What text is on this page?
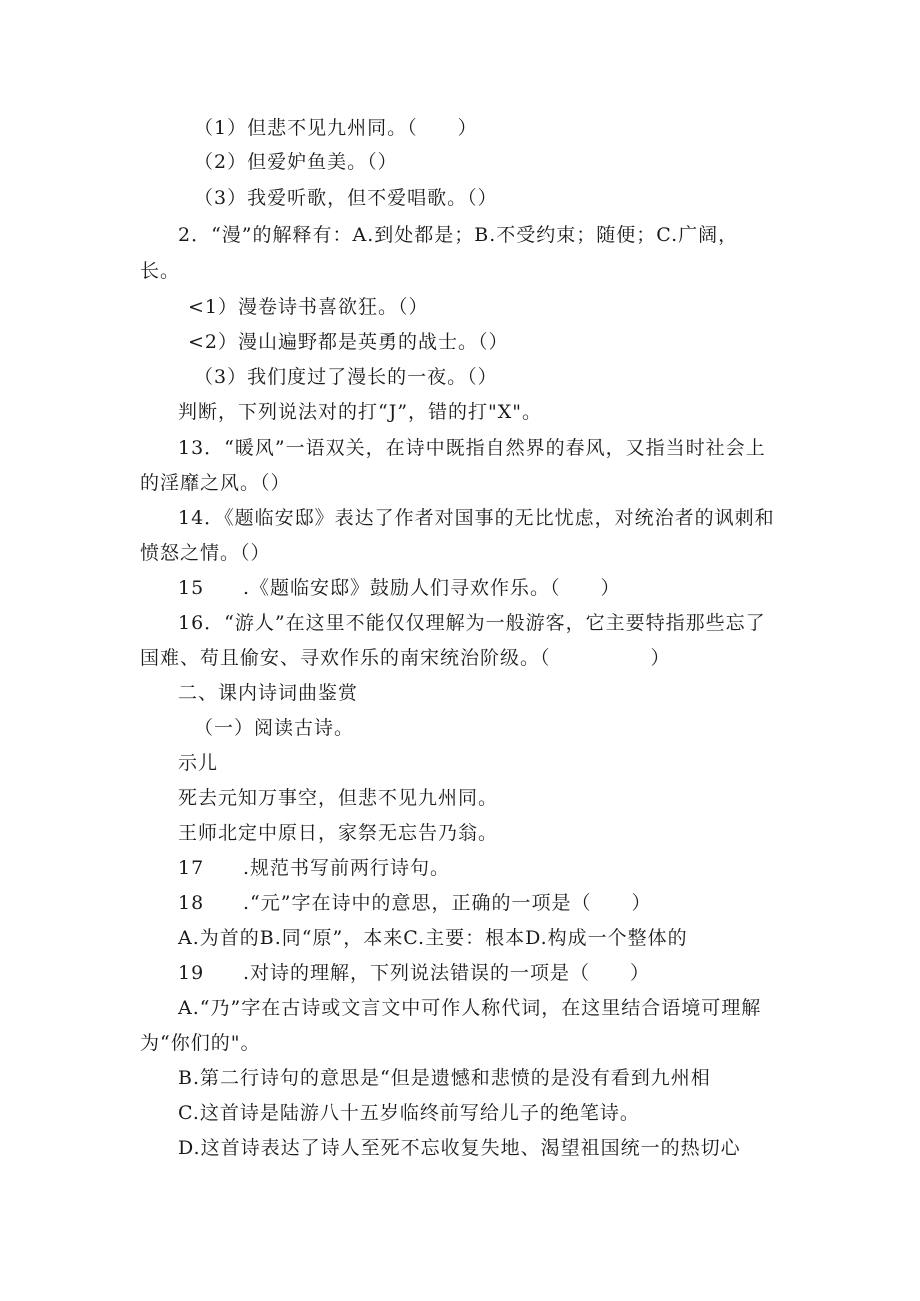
（1）但悲不见九州同。（　　）
（2）但爱妒鱼美。（）
（3）我爱听歌，但不爱唱歌。（）
2．“漫”的解释有：A.到处都是；B.不受约束；随便；C.广阔，
长。
<1）漫卷诗书喜欲狂。（）
<2）漫山遍野都是英勇的战士。（）
（3）我们度过了漫长的一夜。（）
判断，下列说法对的打“J”，错的打"X"。
13．“暖风”一语双关，在诗中既指自然界的春风，又指当时社会上
的淫靡之风。（）
14．《题临安邸》表达了作者对国事的无比忧虑，对统治者的讽刺和
愤怒之情。（）
15 .《题临安邸》鼓励人们寻欢作乐。（　　）
16．“游人”在这里不能仅仅理解为一般游客，它主要特指那些忘了
国难、苟且偷安、寻欢作乐的南宋统治阶级。（　　　　　）
二、课内诗词曲鉴赏
（一）阅读古诗。
示儿
死去元知万事空，但悲不见九州同。
王师北定中原日，家祭无忘告乃翁。
17 .规范书写前两行诗句。
18 .“元”字在诗中的意思，正确的一项是（　　）
A.为首的B.同“原”，本来C.主要：根本D.构成一个整体的
19 .对诗的理解，下列说法错误的一项是（　　）
A.“乃”字在古诗或文言文中可作人称代词，在这里结合语境可理解
为“你们的"。
B.第二行诗句的意思是“但是遗憾和悲愤的是没有看到九州相
C.这首诗是陆游八十五岁临终前写给儿子的绝笔诗。
D.这首诗表达了诗人至死不忘收复失地、渴望祖国统一的热切心
